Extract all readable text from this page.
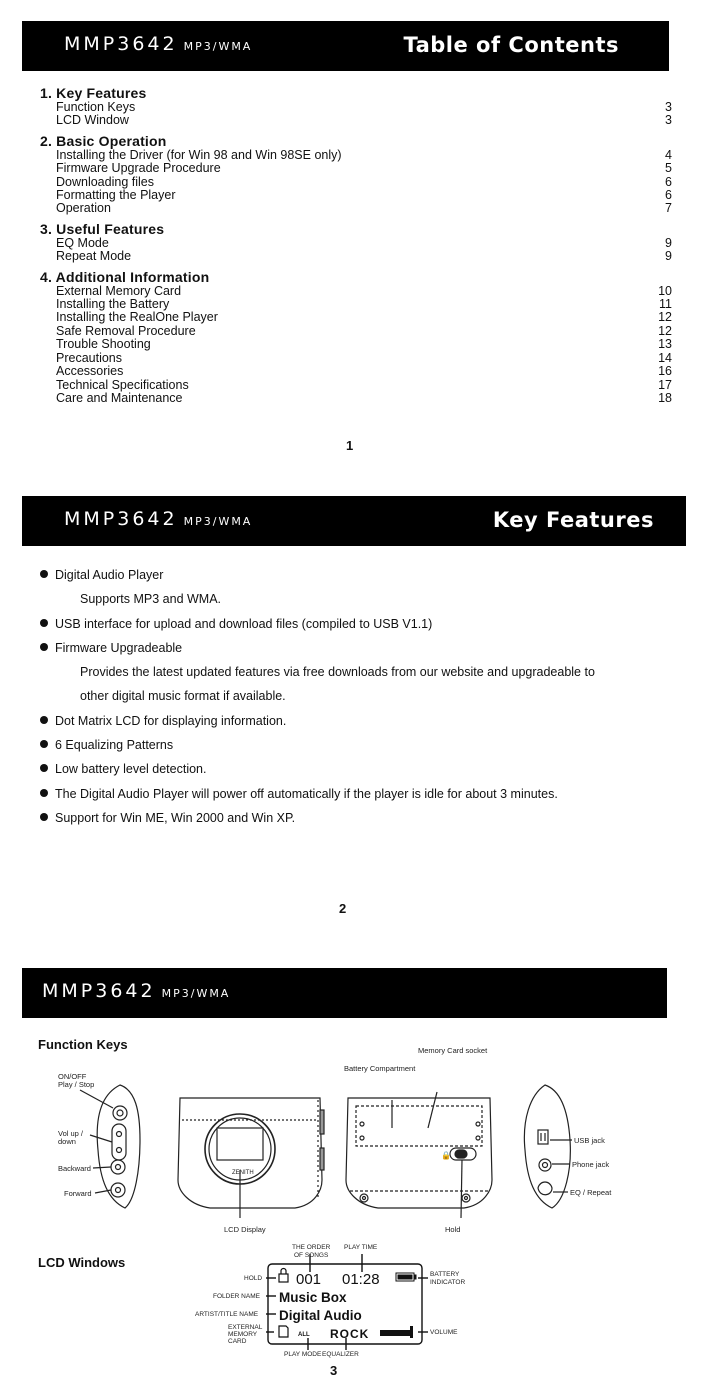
MMP3642 MP3/WMA	Table of Contents
1. Key Features
Function Keys
LCD Window
3
3
2. Basic Operation
Installing the Driver (for Win 98 and Win 98SE only)
Firmware Upgrade Procedure
Downloading files
Formatting the Player
Operation
4
5
6
6
7
3. Useful Features
EQ Mode
Repeat Mode
9
9
4. Additional Information
External Memory Card
Installing the Battery
Installing the RealOne Player
Safe Removal Procedure
Trouble Shooting
Precautions
Accessories
Technical Specifications
Care and Maintenance
10
11
12
12
13
14
16
17
18
1
MMP3642 MP3/WMA	Key Features
Digital Audio Player
Supports MP3 and WMA.
USB interface for upload and download files (compiled to USB V1.1)
Firmware Upgradeable
Provides the latest updated features via free downloads from our website and upgradeable to
other digital music format if available.
Dot Matrix LCD for displaying information.
6 Equalizing Patterns
Low battery level detection.
The Digital Audio Player will power off automatically if the player is idle for about 3 minutes.
Support for Win ME, Win 2000 and Win XP.
2
MMP3642 MP3/WMA
Function Keys
ZENITH
🔒
ON/OFF
Play / Stop
Vol up /
down
Backward
Forward
LCD Display
Battery Compartment
Memory Card socket
Hold
USB jack
Phone jack
EQ / Repeat
LCD Windows
001 01:28
Music Box
Digital Audio
ALL ROCK
THE ORDER
OF SONGS
PLAY TIME
HOLD
BATTERY
INDICATOR
FOLDER NAME
ARTIST/TITLE NAME
EXTERNAL
MEMORY
CARD
VOLUME
PLAY MODE EQUALIZER
3
